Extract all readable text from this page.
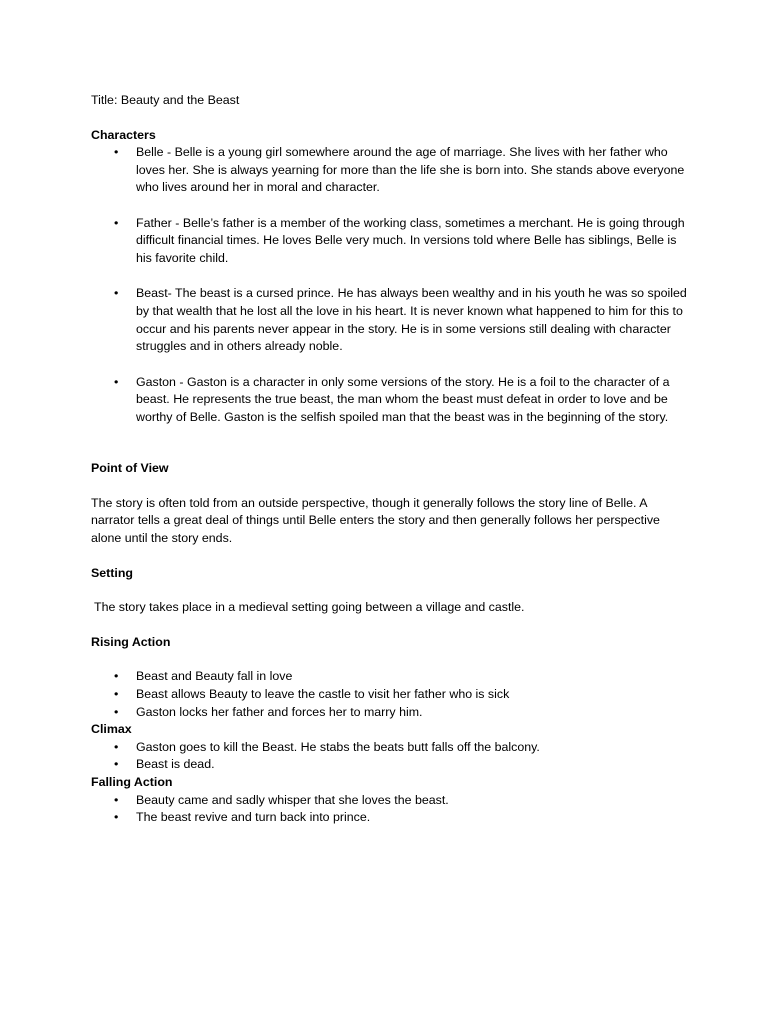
Title: Beauty and the Beast

Characters

• Belle - Belle is a young girl somewhere around the age of marriage. She lives with her father who loves her. She is always yearning for more than the life she is born into. She stands above everyone who lives around her in moral and character.
• Father - Belle’s father is a member of the working class, sometimes a merchant. He is going through difficult financial times. He loves Belle very much. In versions told where Belle has siblings, Belle is his favorite child.
• Beast- The beast is a cursed prince. He has always been wealthy and in his youth he was so spoiled by that wealth that he lost all the love in his heart. It is never known what happened to him for this to occur and his parents never appear in the story. He is in some versions still dealing with character struggles and in others already noble.
• Gaston - Gaston is a character in only some versions of the story. He is a foil to the character of a beast. He represents the true beast, the man whom the beast must defeat in order to love and be worthy of Belle. Gaston is the selfish spoiled man that the beast was in the beginning of the story.

Point of View

The story is often told from an outside perspective, though it generally follows the story line of Belle. A narrator tells a great deal of things until Belle enters the story and then generally follows her perspective alone until the story ends.

Setting

The story takes place in a medieval setting going between a village and castle.

Rising Action

• Beast and Beauty fall in love
• Beast allows Beauty to leave the castle to visit her father who is sick
• Gaston locks her father and forces her to marry him.

Climax

• Gaston goes to kill the Beast. He stabs the beats butt falls off the balcony.
• Beast is dead.

Falling Action

• Beauty came and sadly whisper that she loves the beast.
• The beast revive and turn back into prince.
